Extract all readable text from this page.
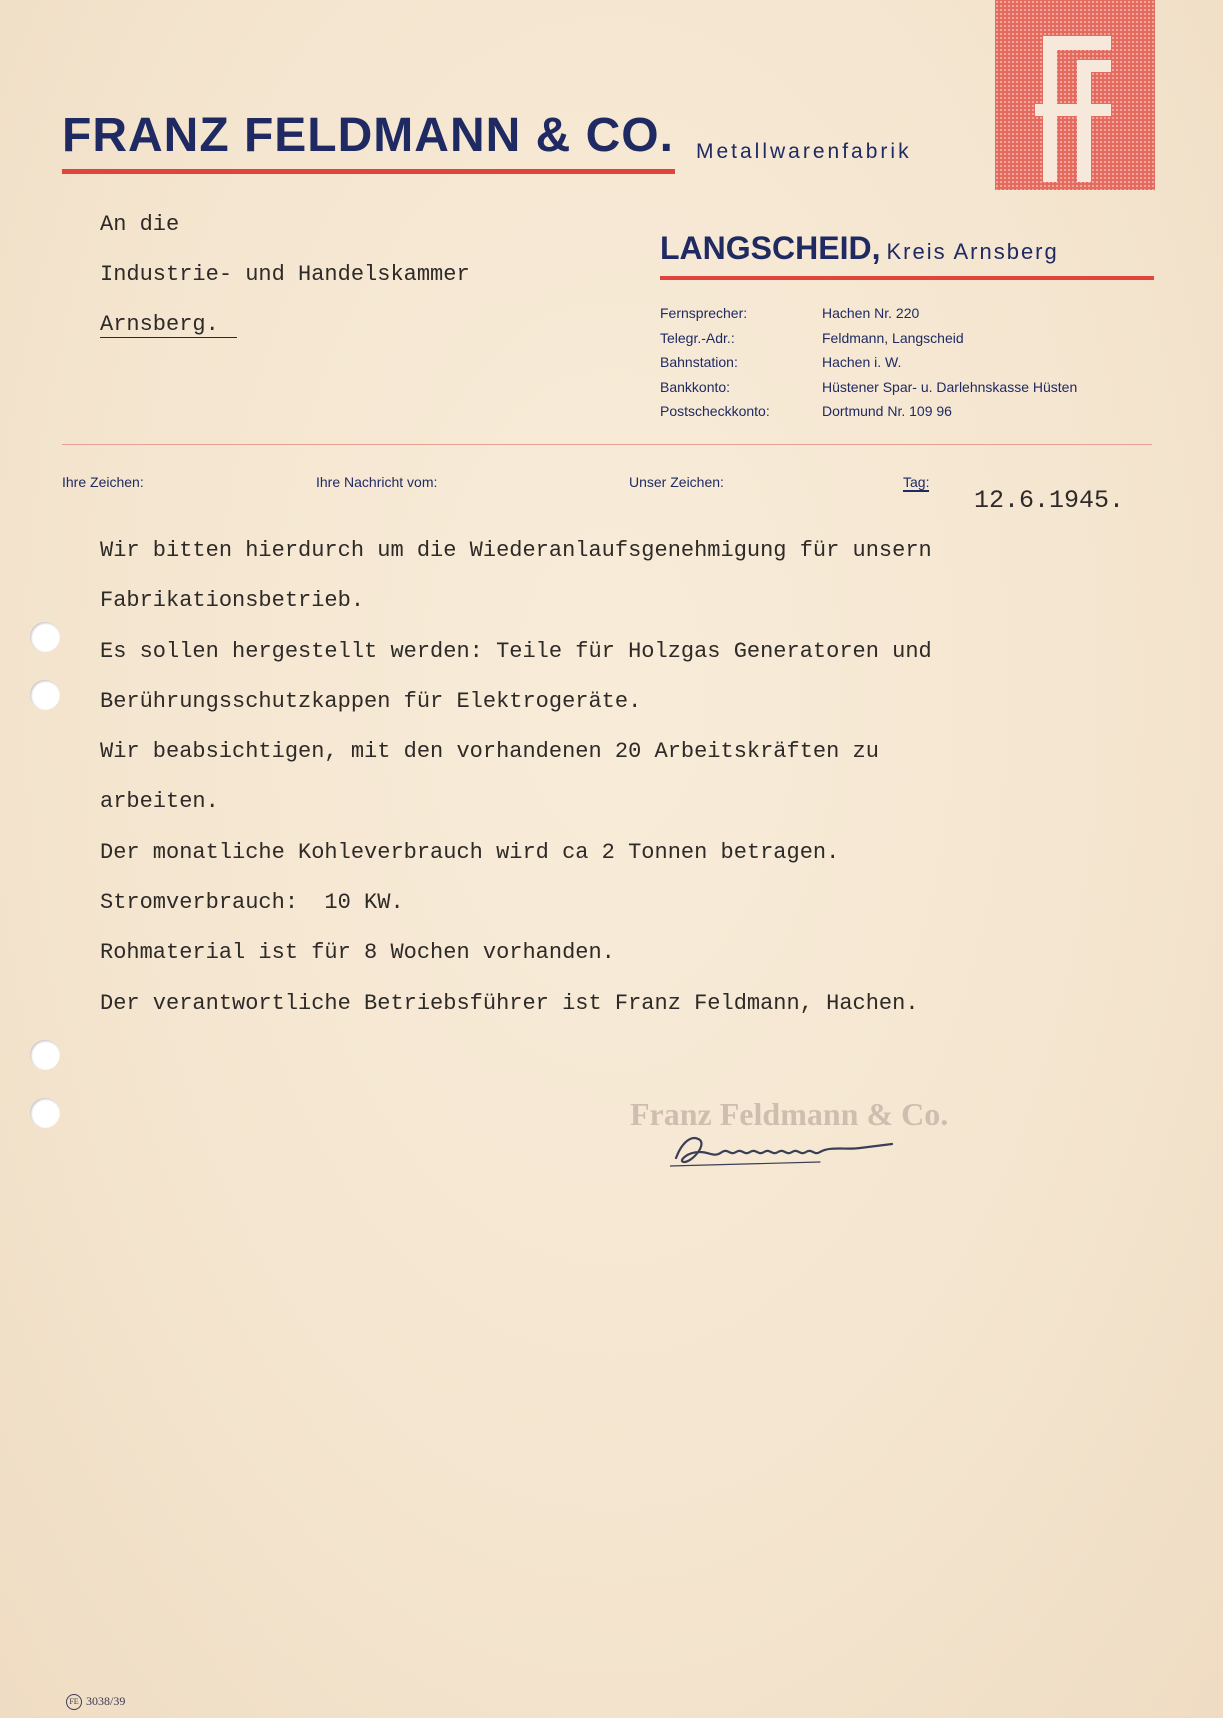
FRANZ FELDMANN & CO. Metallwarenfabrik
LANGSCHEID, Kreis Arnsberg
Fernsprecher:	Hachen Nr. 220
Telegr.-Adr.:	Feldmann, Langscheid
Bahnstation:	Hachen i. W.
Bankkonto:	Hüstener Spar- u. Darlehnskasse Hüsten
Postscheckkonto:	Dortmund Nr. 109 96
An die
Industrie- und Handelskammer
Arnsberg.
Ihre Zeichen:	Ihre Nachricht vom:	Unser Zeichen:	Tag:
12.6.1945.
Wir bitten hierdurch um die Wiederanlaufsgenehmigung für unsern
Fabrikationsbetrieb.
Es sollen hergestellt werden: Teile für Holzgas Generatoren und
Berührungsschutzkappen für Elektrogeräte.
Wir beabsichtigen, mit den vorhandenen 20 Arbeitskräften zu
arbeiten.
Der monatliche Kohleverbrauch wird ca 2 Tonnen betragen.
Stromverbrauch:  10 KW.
Rohmaterial ist für 8 Wochen vorhanden.
Der verantwortliche Betriebsführer ist Franz Feldmann, Hachen.
Franz Feldmann & Co.
FE 3038/39
